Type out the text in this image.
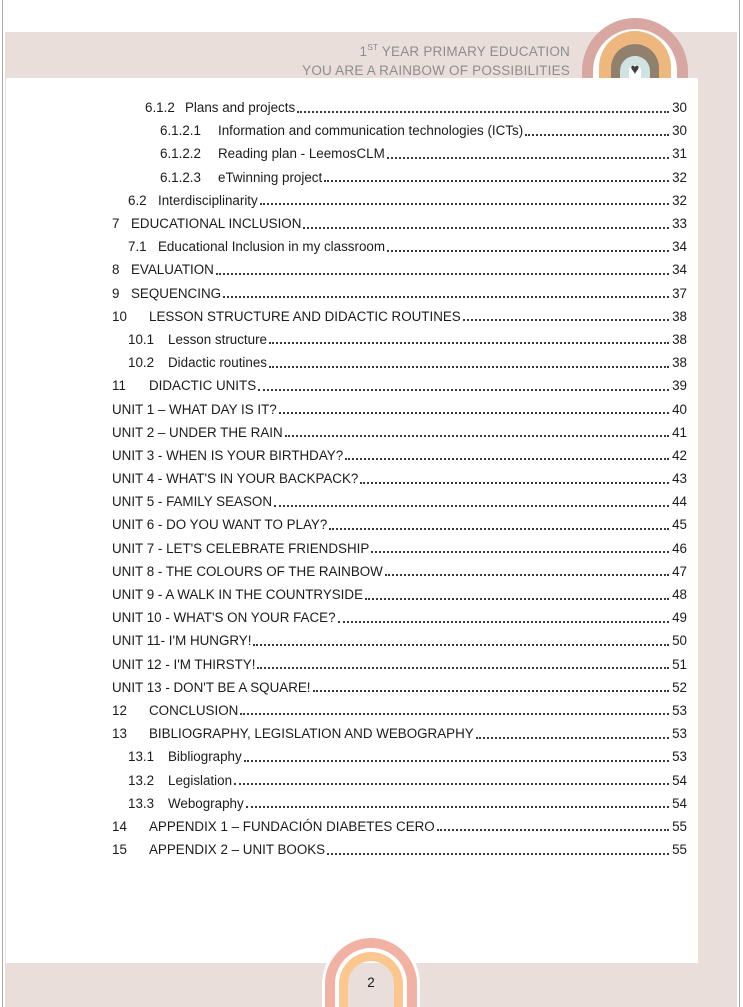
1ST YEAR PRIMARY EDUCATION
YOU ARE A RAINBOW OF POSSIBILITIES	♥
6.1.2 Plans and projects	30
6.1.2.1	Information and communication technologies (ICTs)	30
6.1.2.2	Reading plan - LeemosCLM	31
6.1.2.3	eTwinning project	32
6.2 Interdisciplinarity	32
7 EDUCATIONAL INCLUSION	33
7.1 Educational Inclusion in my classroom	34
8 EVALUATION	34
9 SEQUENCING	37
10	LESSON STRUCTURE AND DIDACTIC ROUTINES	38
10.1	Lesson structure	38
10.2	Didactic routines	38
11	DIDACTIC UNITS	39
UNIT 1 – WHAT DAY IS IT?	40
UNIT 2 – UNDER THE RAIN	41
UNIT 3 - WHEN IS YOUR BIRTHDAY?	42
UNIT 4 - WHAT'S IN YOUR BACKPACK?	43
UNIT 5 - FAMILY SEASON	44
UNIT 6 - DO YOU WANT TO PLAY?	45
UNIT 7 - LET'S CELEBRATE FRIENDSHIP	46
UNIT 8 - THE COLOURS OF THE RAINBOW	47
UNIT 9 - A WALK IN THE COUNTRYSIDE	48
UNIT 10 - WHAT'S ON YOUR FACE?	49
UNIT 11- I'M HUNGRY!	50
UNIT 12 - I'M THIRSTY!	51
UNIT 13 - DON'T BE A SQUARE!	52
12	CONCLUSION	53
13	BIBLIOGRAPHY, LEGISLATION AND WEBOGRAPHY	53
13.1	Bibliography	53
13.2	Legislation	54
13.3	Webography	54
14	APPENDIX 1 – FUNDACIÓN DIABETES CERO	55
15	APPENDIX 2 – UNIT BOOKS	55
2
